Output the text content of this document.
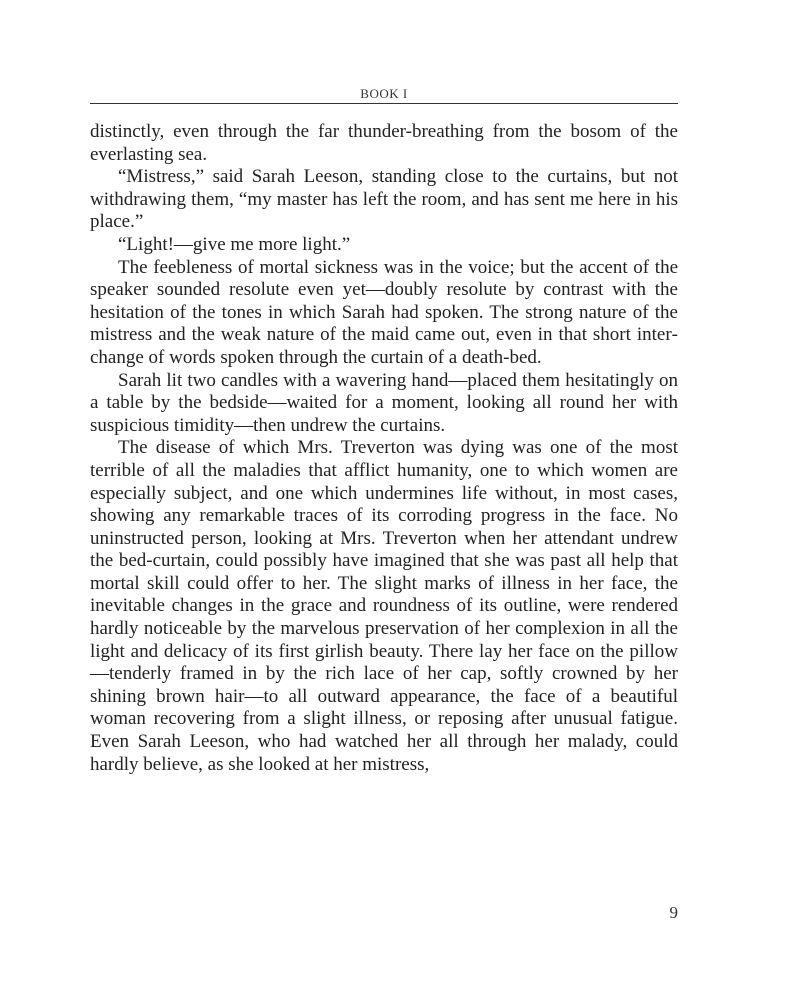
BOOK I

distinctly, even through the far thunder-breathing from the bosom of the everlasting sea.

“Mistress,” said Sarah Leeson, standing close to the curtains, but not withdrawing them, “my master has left the room, and has sent me here in his place.”

“Light!—give me more light.”

The feebleness of mortal sickness was in the voice; but the accent of the speaker sounded resolute even yet—doubly resolute by contrast with the hesitation of the tones in which Sarah had spoken. The strong nature of the mistress and the weak nature of the maid came out, even in that short interchange of words spoken through the curtain of a death-bed.

Sarah lit two candles with a wavering hand—placed them hesitatingly on a table by the bedside—waited for a moment, looking all round her with suspicious timidity—then undrew the curtains.

The disease of which Mrs. Treverton was dying was one of the most terrible of all the maladies that afflict humanity, one to which women are especially subject, and one which undermines life without, in most cases, showing any remarkable traces of its corroding progress in the face. No uninstructed person, looking at Mrs. Treverton when her attendant undrew the bed-curtain, could possibly have imagined that she was past all help that mortal skill could offer to her. The slight marks of illness in her face, the inevitable changes in the grace and roundness of its outline, were rendered hardly noticeable by the marvelous preservation of her complexion in all the light and delicacy of its first girlish beauty. There lay her face on the pillow—tenderly framed in by the rich lace of her cap, softly crowned by her shining brown hair—to all outward appearance, the face of a beautiful woman recovering from a slight illness, or reposing after unusual fatigue. Even Sarah Leeson, who had watched her all through her malady, could hardly believe, as she looked at her mistress,

9
